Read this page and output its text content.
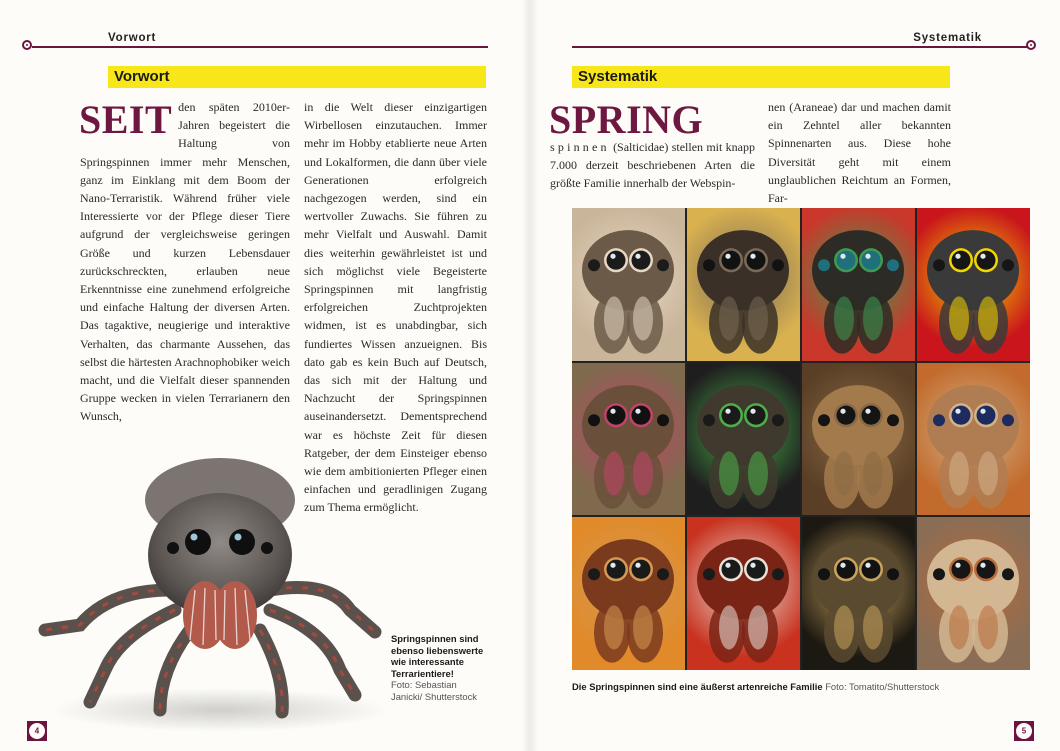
Vorwort
Vorwort

SEIT den späten 2010er-Jahren begeistert die Haltung von Springspinnen immer mehr Menschen, ganz im Einklang mit dem Boom der Nano-Terraristik. Während früher viele Interessierte vor der Pflege dieser Tiere aufgrund der vergleichsweise geringen Größe und kurzen Lebensdauer zurückschreckten, erlauben neue Erkenntnisse eine zunehmend erfolgreiche und einfache Haltung der diversen Arten. Das tagaktive, neugierige und interaktive Verhalten, das charmante Aussehen, das selbst die härtesten Arachnophobiker weich macht, und die Vielfalt dieser spannenden Gruppe wecken in vielen Terrarianern den Wunsch,

in die Welt dieser einzigartigen Wirbellosen einzutauchen. Immer mehr im Hobby etablierte neue Arten und Lokalformen, die dann über viele Generationen erfolgreich nachgezogen werden, sind ein wertvoller Zuwachs. Sie führen zu mehr Vielfalt und Auswahl. Damit dies weiterhin gewährleistet ist und sich möglichst viele Begeisterte Springspinnen mit langfristig erfolgreichen Zuchtprojekten widmen, ist es unabdingbar, sich fundiertes Wissen anzueignen. Bis dato gab es kein Buch auf Deutsch, das sich mit der Haltung und Nachzucht der Springspinnen auseinandersetzt. Dementsprechend war es höchste Zeit für diesen Ratgeber, der dem Einsteiger ebenso wie dem ambitionierten Pfleger einen einfachen und geradlinigen Zugang zum Thema ermöglicht.

Springspinnen sind ebenso liebenswerte wie interessante Terrarientiere!
Foto: Sebastian Janicki/ Shutterstock
4
Systematik
Systematik

SPRING
spinnen (Salticidae) stellen mit knapp 7.000 derzeit beschriebenen Arten die größte Familie innerhalb der Webspin-

nen (Araneae) dar und machen damit ein Zehntel aller bekannten Spinnenarten aus. Diese hohe Diversität geht mit einem unglaublichen Reichtum an Formen, Far-

Die Springspinnen sind eine äußerst artenreiche Familie Foto: Tomatito/Shutterstock
5
